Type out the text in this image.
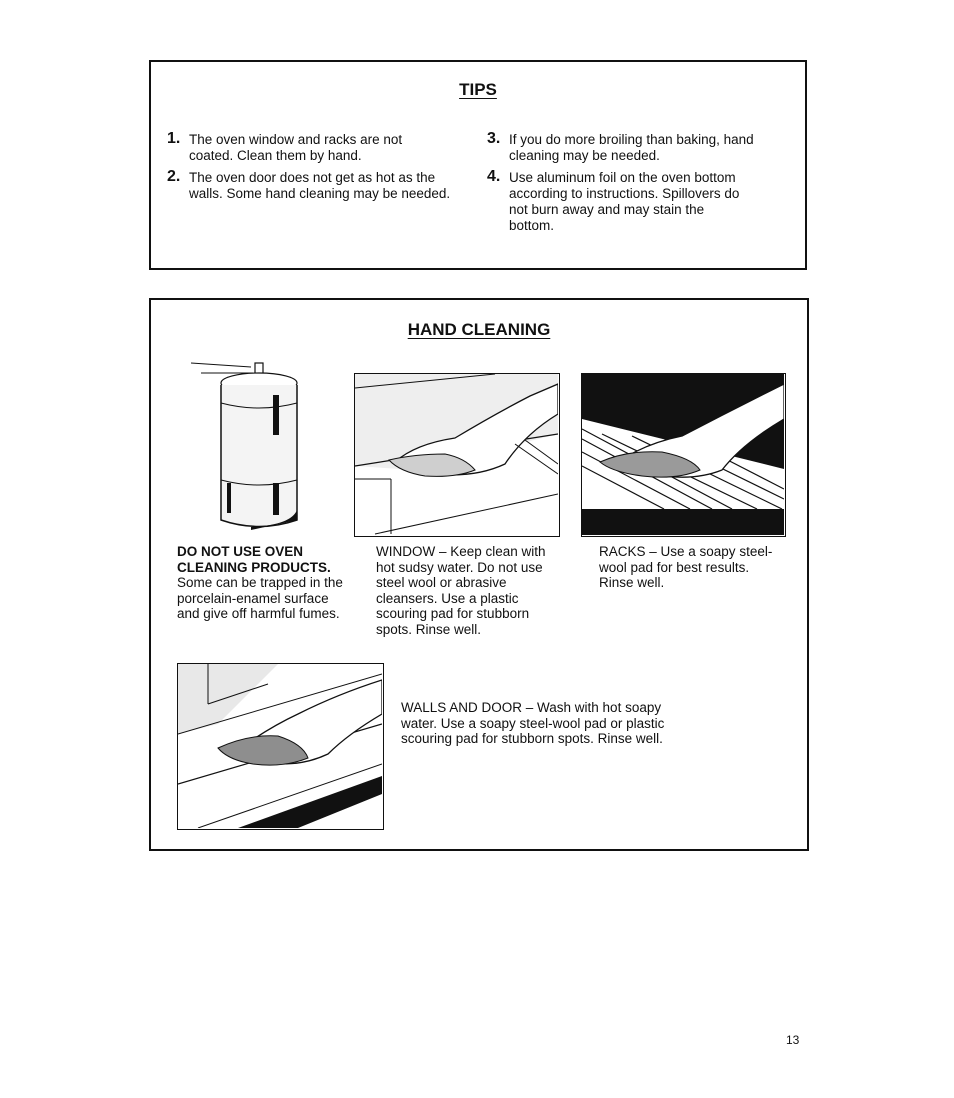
TIPS
1. The oven window and racks are not coated. Clean them by hand.
2. The oven door does not get as hot as the walls. Some hand cleaning may be needed.
3. If you do more broiling than baking, hand cleaning may be needed.
4. Use aluminum foil on the oven bottom according to instructions. Spillovers do not burn away and may stain the bottom.
HAND CLEANING
DO NOT USE OVEN CLEANING PRODUCTS.
Some can be trapped in the porcelain-enamel surface and give off harmful fumes.
WINDOW – Keep clean with hot sudsy water. Do not use steel wool or abrasive cleansers. Use a plastic scouring pad for stubborn spots. Rinse well.
RACKS – Use a soapy steel-wool pad for best results. Rinse well.
WALLS AND DOOR – Wash with hot soapy water. Use a soapy steel-wool pad or plastic scouring pad for stubborn spots. Rinse well.
13
